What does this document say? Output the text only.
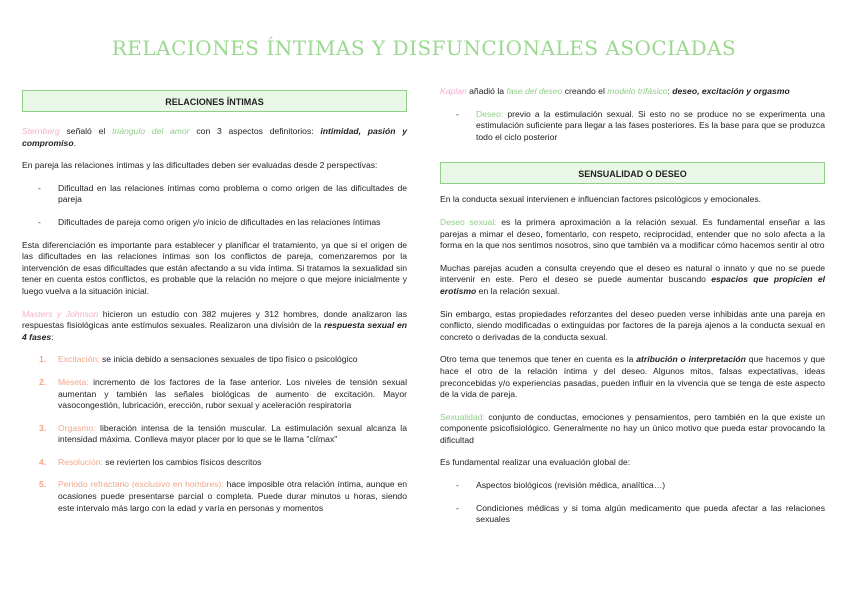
RELACIONES ÍNTIMAS Y DISFUNCIONALES ASOCIADAS
RELACIONES ÍNTIMAS

Sternberg señaló el triángulo del amor con 3 aspectos definitorios: intimidad, pasión y compromiso.

En pareja las relaciones íntimas y las dificultades deben ser evaluadas desde 2 perspectivas:

- Dificultad en las relaciones íntimas como problema o como origen de las dificultades de pareja
- Dificultades de pareja como origen y/o inicio de dificultades en las relaciones íntimas

Esta diferenciación es importante para establecer y planificar el tratamiento, ya que si el origen de las dificultades en las relaciones íntimas son los conflictos de pareja, comenzaremos por la intervención de esas dificultades que están afectando a su vida íntima. Si tratamos la sexualidad sin tener en cuenta estos conflictos, es probable que la relación no mejore o que mejore inicialmente y luego vuelva a la situación inicial.

Masters y Johnson hicieron un estudio con 382 mujeres y 312 hombres, donde analizaron las respuestas fisiológicas ante estímulos sexuales. Realizaron una división de la respuesta sexual en 4 fases:

1. Excitación: se inicia debido a sensaciones sexuales de tipo físico o psicológico
2. Meseta: incremento de los factores de la fase anterior. Los niveles de tensión sexual aumentan y también las señales biológicas de aumento de excitación. Mayor vasocongestión, lubricación, erección, rubor sexual y aceleración respiratoria
3. Orgasmo: liberación intensa de la tensión muscular. La estimulación sexual alcanza la intensidad máxima. Conlleva mayor placer por lo que se le llama "clímax"
4. Resolución: se revierten los cambios físicos descritos
5. Periodo refractario (exclusivo en hombres): hace imposible otra relación íntima, aunque en ocasiones puede presentarse parcial o completa. Puede durar minutos u horas, siendo este intervalo más largo con la edad y varía en personas y momentos

Kaplan añadió la fase del deseo creando el modelo trifásico: deseo, excitación y orgasmo

- Deseo: previo a la estimulación sexual. Si esto no se produce no se experimenta una estimulación suficiente para llegar a las fases posteriores. Es la base para que se produzca todo el ciclo posterior
SENSUALIDAD O DESEO

En la conducta sexual intervienen e influencian factores psicológicos y emocionales.

Deseo sexual: es la primera aproximación a la relación sexual. Es fundamental enseñar a las parejas a mimar el deseo, fomentarlo, con respeto, reciprocidad, entender que no solo afecta a la forma en la que nos sentimos nosotros, sino que también va a modificar cómo hacemos sentir al otro

Muchas parejas acuden a consulta creyendo que el deseo es natural o innato y que no se puede intervenir en este. Pero el deseo se puede aumentar buscando espacios que propicien el erotismo en la relación sexual.

Sin embargo, estas propiedades reforzantes del deseo pueden verse inhibidas ante una pareja en conflicto, siendo modificadas o extinguidas por factores de la pareja ajenos a la conducta sexual en concreto o derivadas de la conducta sexual.

Otro tema que tenemos que tener en cuenta es la atribución o interpretación que hacemos y que hace el otro de la relación íntima y del deseo. Algunos mitos, falsas expectativas, ideas preconcebidas y/o experiencias pasadas, pueden influir en la vivencia que se tenga de este aspecto de la vida de pareja.

Sexualidad: conjunto de conductas, emociones y pensamientos, pero también en la que existe un componente psicofisiológico. Generalmente no hay un único motivo que pueda estar provocando la dificultad

Es fundamental realizar una evaluación global de:

- Aspectos biológicos (revisión médica, analítica…)
- Condiciones médicas y si toma algún medicamento que pueda afectar a las relaciones sexuales
